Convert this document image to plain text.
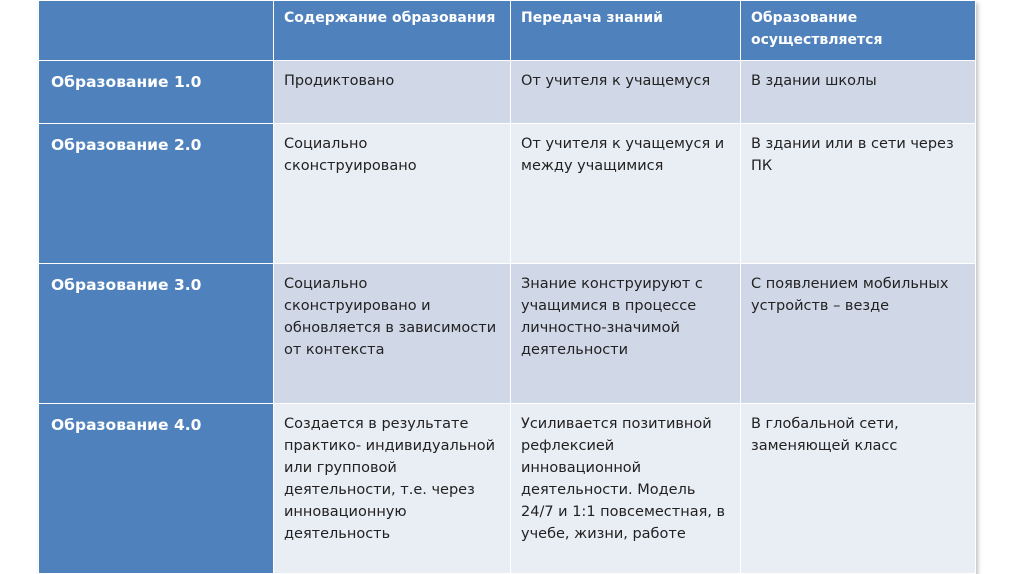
	Содержание образования	Передача знаний	Образование осуществляется
Образование 1.0	Продиктовано	От учителя к учащемуся	В здании школы
Образование 2.0	Социально сконструировано	От учителя к учащемуся и между учащимися	В здании или в сети через ПК
Образование 3.0	Социально сконструировано и обновляется в зависимости от контекста	Знание конструируют с учащимися в процессе личностно-значимой деятельности	С появлением мобильных устройств – везде
Образование 4.0	Создается в результате практико- индивидуальной или групповой деятельности, т.е. через инновационную деятельность	Усиливается позитивной рефлексией инновационной деятельности. Модель 24/7 и 1:1 повсеместная, в учебе, жизни, работе	В глобальной сети, заменяющей класс
